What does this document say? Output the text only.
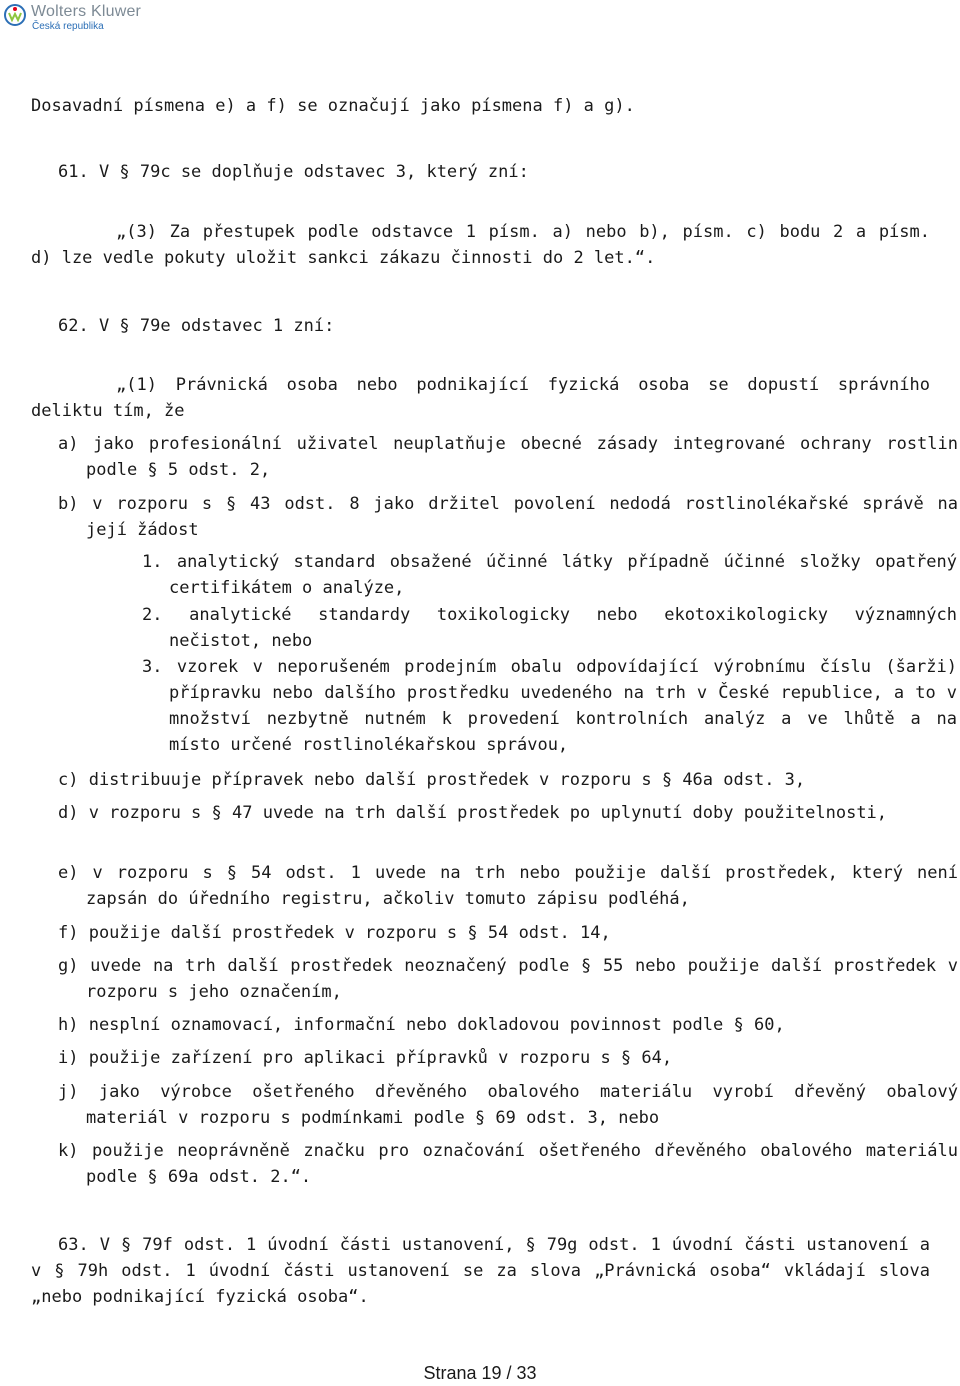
Wolters Kluwer
Česká republika
Dosavadní písmena e) a f) se označují jako písmena f) a g).
61. V § 79c se doplňuje odstavec 3, který zní:
„(3) Za přestupek podle odstavce 1 písm. a) nebo b), písm. c) bodu 2 a písm.
d) lze vedle pokuty uložit sankci zákazu činnosti do 2 let.“.
62. V § 79e odstavec 1 zní:
„(1) Právnická osoba nebo podnikající fyzická osoba se dopustí správního deliktu tím, že
a) jako profesionální uživatel neuplatňuje obecné zásady integrované ochrany rostlin podle § 5 odst. 2,
b) v rozporu s § 43 odst. 8 jako držitel povolení nedodá rostlinolékařské správě na její žádost
1. analytický standard obsažené účinné látky případně účinné složky opatřený certifikátem o analýze,
2. analytické standardy toxikologicky nebo ekotoxikologicky významných nečistot, nebo
3. vzorek v neporušeném prodejním obalu odpovídající výrobnímu číslu (šarži) přípravku nebo dalšího prostředku uvedeného na trh v České republice, a to v množství nezbytně nutném k provedení kontrolních analýz a ve lhůtě a na místo určené rostlinolékařskou správou,
c) distribuuje přípravek nebo další prostředek v rozporu s § 46a odst. 3,
d) v rozporu s § 47 uvede na trh další prostředek po uplynutí doby použitelnosti,
e) v rozporu s § 54 odst. 1 uvede na trh nebo použije další prostředek, který není zapsán do úředního registru, ačkoliv tomuto zápisu podléhá,
f) použije další prostředek v rozporu s § 54 odst. 14,
g) uvede na trh další prostředek neoznačený podle § 55 nebo použije další prostředek v rozporu s jeho označením,
h) nesplní oznamovací, informační nebo dokladovou povinnost podle § 60,
i) použije zařízení pro aplikaci přípravků v rozporu s § 64,
j) jako výrobce ošetřeného dřevěného obalového materiálu vyrobí dřevěný obalový materiál v rozporu s podmínkami podle § 69 odst. 3, nebo
k) použije neoprávněně značku pro označování ošetřeného dřevěného obalového materiálu podle § 69a odst. 2.“.
63. V § 79f odst. 1 úvodní části ustanovení, § 79g odst. 1 úvodní části ustanovení a v § 79h odst. 1 úvodní části ustanovení se za slova „Právnická osoba“ vkládají slova „nebo podnikající fyzická osoba“.
Strana 19 / 33
